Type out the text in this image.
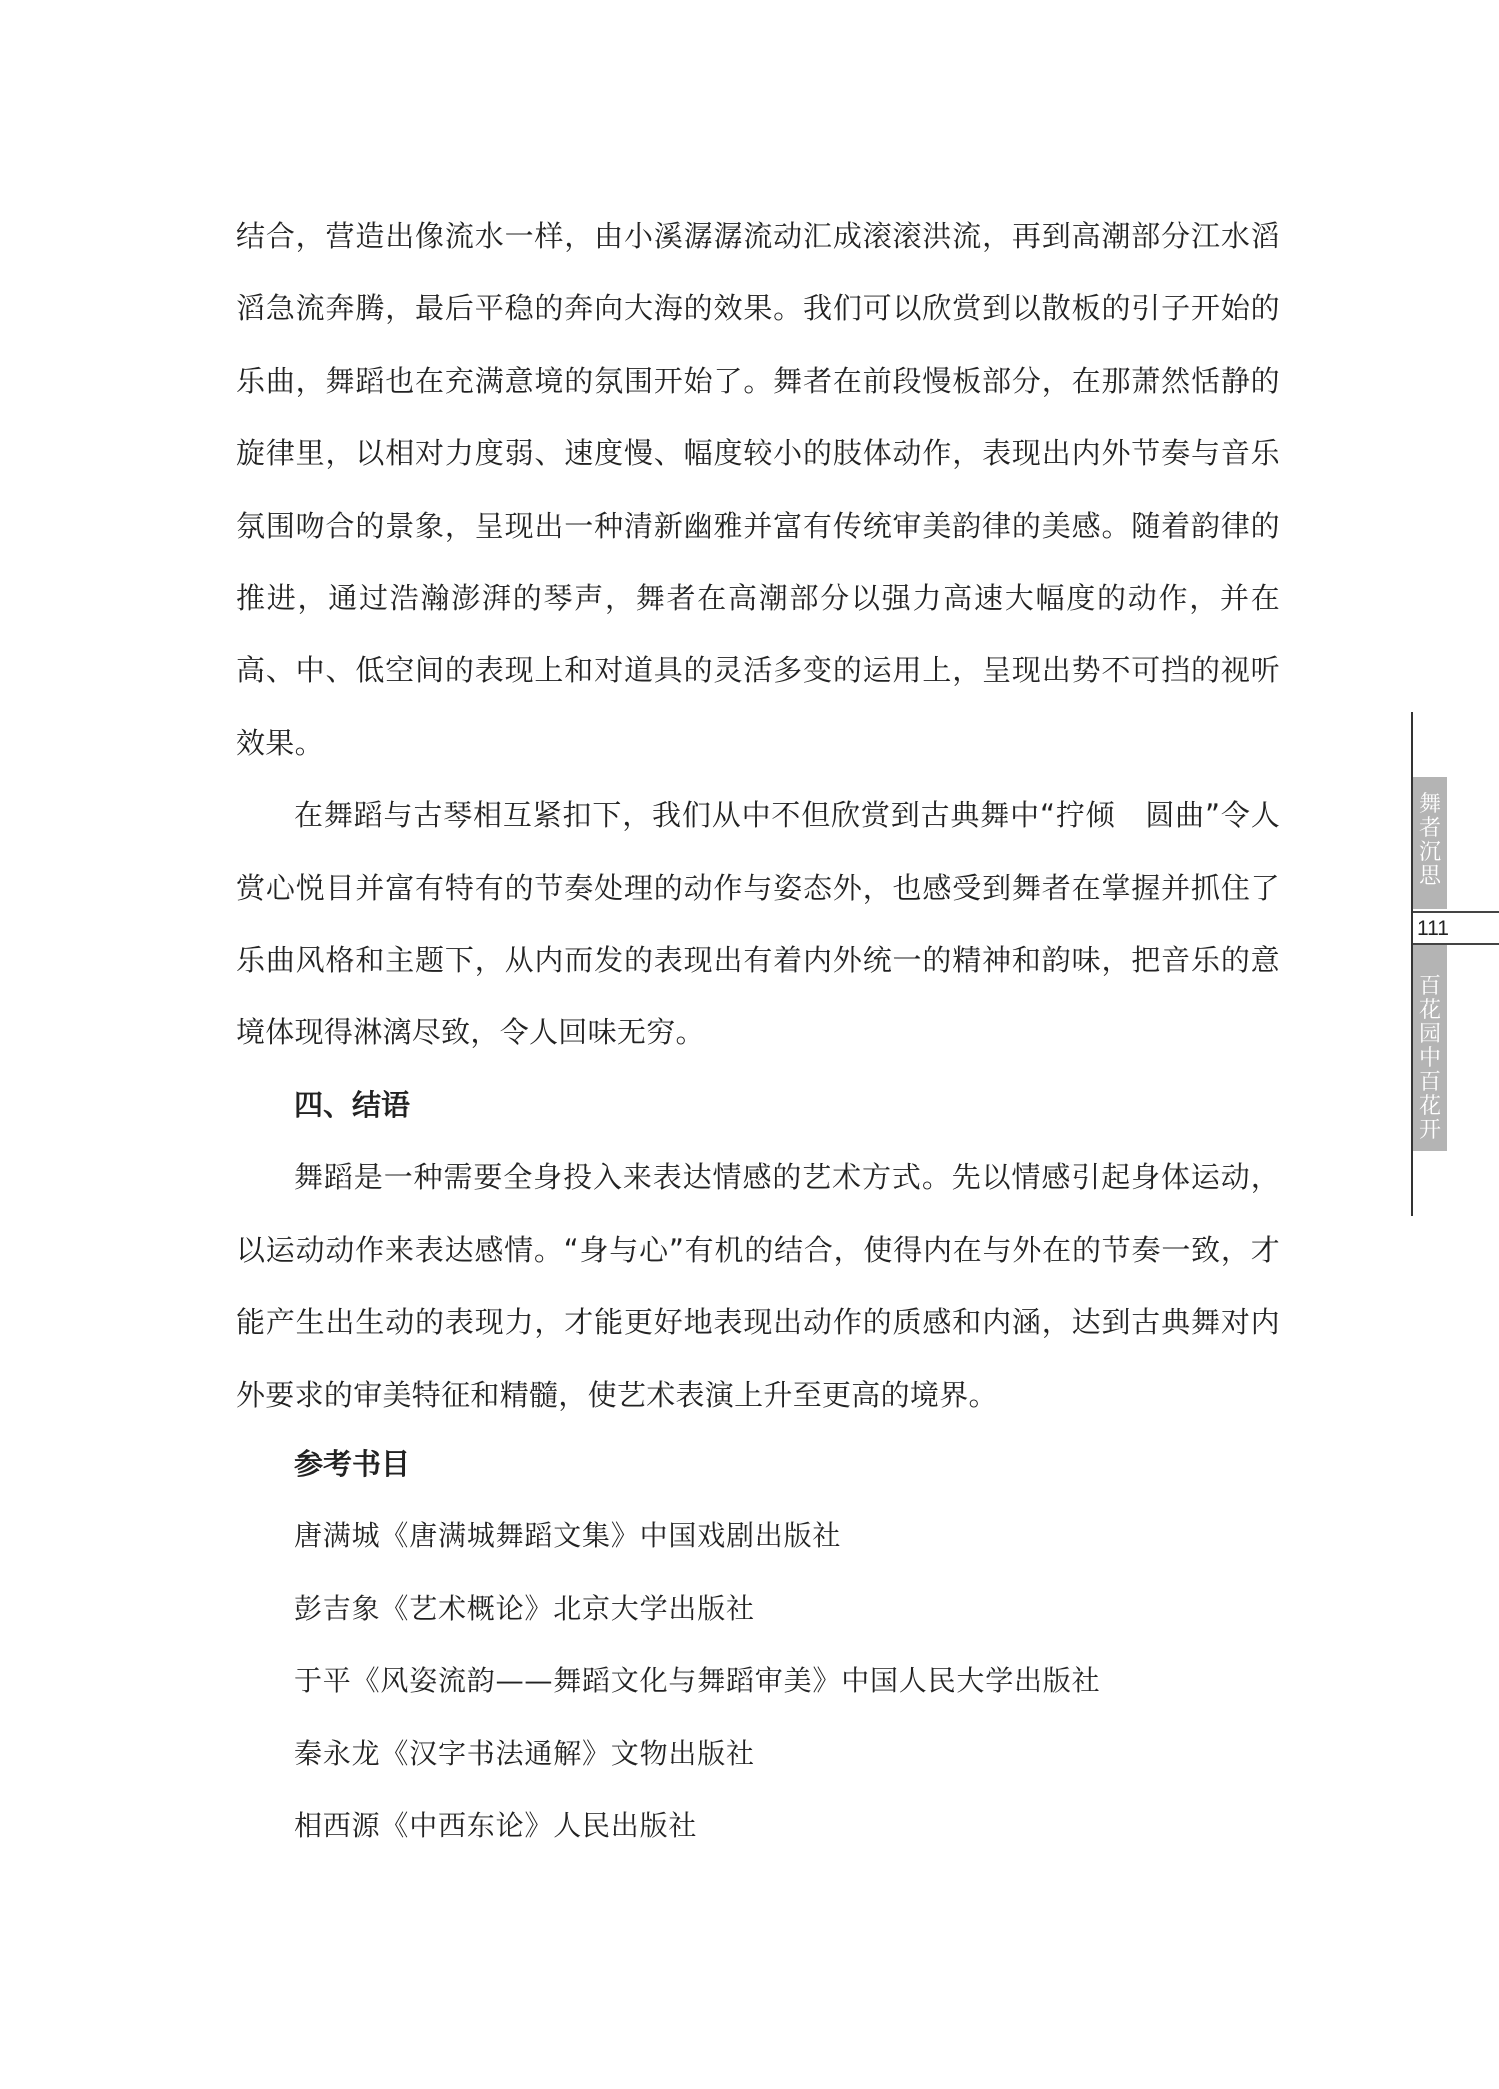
结合，营造出像流水一样，由小溪潺潺流动汇成滚滚洪流，再到高潮部分江水滔滔急流奔腾，最后平稳的奔向大海的效果。我们可以欣赏到以散板的引子开始的乐曲，舞蹈也在充满意境的氛围开始了。舞者在前段慢板部分，在那萧然恬静的旋律里，以相对力度弱、速度慢、幅度较小的肢体动作，表现出内外节奏与音乐氛围吻合的景象，呈现出一种清新幽雅并富有传统审美韵律的美感。随着韵律的推进，通过浩瀚澎湃的琴声，舞者在高潮部分以强力高速大幅度的动作，并在高、中、低空间的表现上和对道具的灵活多变的运用上，呈现出势不可挡的视听效果。

在舞蹈与古琴相互紧扣下，我们从中不但欣赏到古典舞中“拧倾　圆曲”令人赏心悦目并富有特有的节奏处理的动作与姿态外，也感受到舞者在掌握并抓住了乐曲风格和主题下，从内而发的表现出有着内外统一的精神和韵味，把音乐的意境体现得淋漓尽致，令人回味无穷。

四、结语

舞蹈是一种需要全身投入来表达情感的艺术方式。先以情感引起身体运动，以运动动作来表达感情。“身与心”有机的结合，使得内在与外在的节奏一致，才能产生出生动的表现力，才能更好地表现出动作的质感和内涵，达到古典舞对内外要求的审美特征和精髓，使艺术表演上升至更高的境界。

参考书目

唐满城《唐满城舞蹈文集》中国戏剧出版社

彭吉象《艺术概论》北京大学出版社

于平《风姿流韵——舞蹈文化与舞蹈审美》中国人民大学出版社

秦永龙《汉字书法通解》文物出版社

相西源《中西东论》人民出版社

舞者沉思
111
百花园中百花开
